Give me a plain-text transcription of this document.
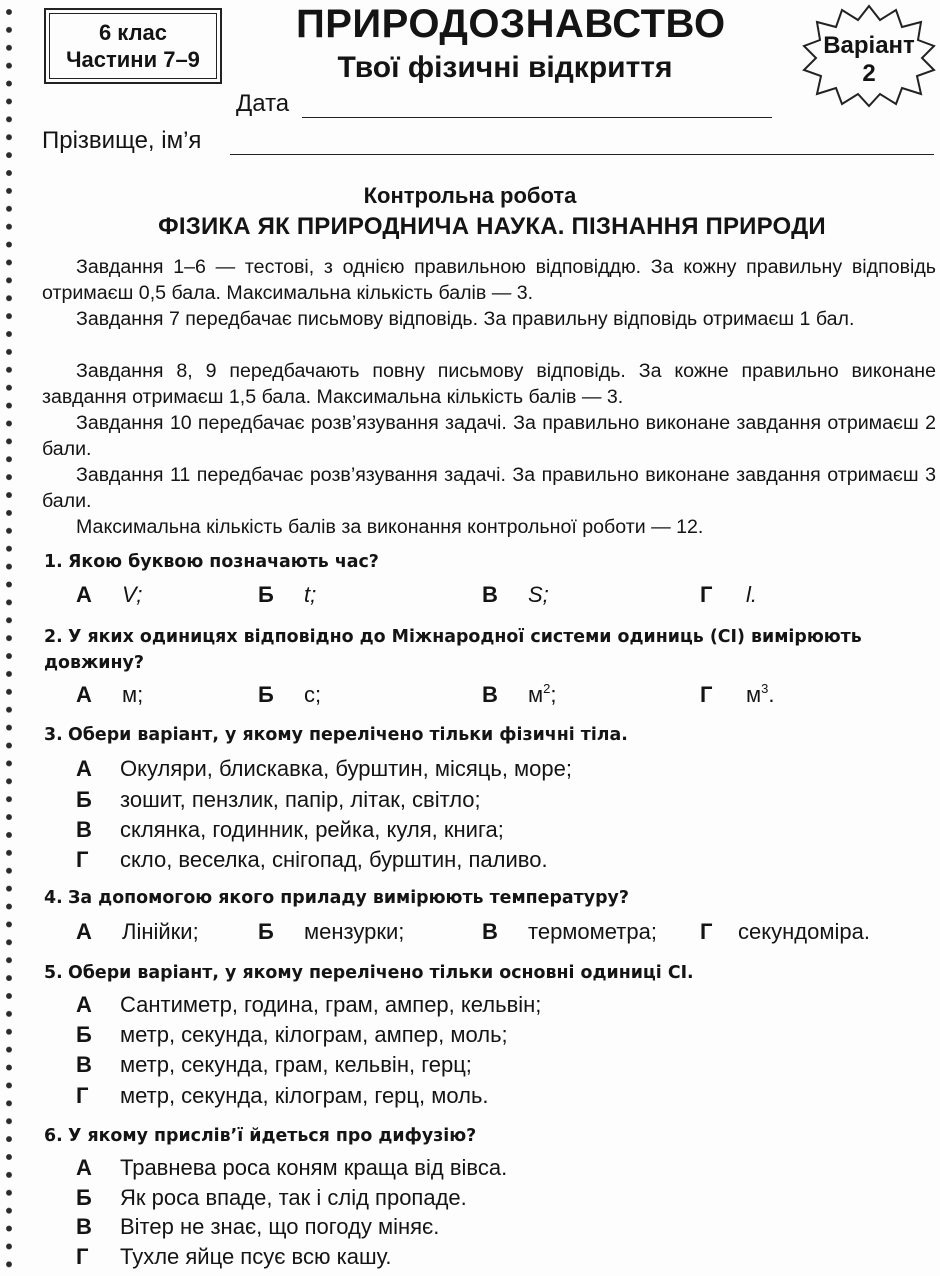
6 клас
Частини 7–9
ПРИРОДОЗНАВСТВО
Твої фізичні відкриття
Варіант
2
Дата
Прізвище, ім’я
Контрольна робота
ФІЗИКА ЯК ПРИРОДНИЧА НАУКА. ПІЗНАННЯ ПРИРОДИ

Завдання 1–6 — тестові, з однією правильною відповіддю. За кожну правильну відповідь отримаєш 0,5 бала. Максимальна кількість балів — 3.

Завдання 7 передбачає письмову відповідь. За правильну відповідь отримаєш 1 бал.

Завдання 8, 9 передбачають повну письмову відповідь. За кожне правильно виконане завдання отримаєш 1,5 бала. Максимальна кількість балів — 3.

Завдання 10 передбачає розв’язування задачі. За правильно виконане завдання отримаєш 2 бали.

Завдання 11 передбачає розв’язування задачі. За правильно виконане завдання отримаєш 3 бали.

Максимальна кількість балів за виконання контрольної роботи — 12.

1. Якою буквою позначають час?
А V;	Б t;	В S;	Г l.
2. У яких одиницях відповідно до Міжнародної системи одиниць (СІ) вимірюють довжину?
А м;	Б с;	В $м^2$;	Г $м^3$.
3. Обери варіант, у якому перелічено тільки фізичні тіла.
А Окуляри, блискавка, бурштин, місяць, море;
Б зошит, пензлик, папір, літак, світло;
В склянка, годинник, рейка, куля, книга;
Г скло, веселка, снігопад, бурштин, паливо.
4. За допомогою якого приладу вимірюють температуру?
А Лінійки;	Б мензурки;	В термометра; Г секундоміра.
5. Обери варіант, у якому перелічено тільки основні одиниці СІ.
А Сантиметр, година, грам, ампер, кельвін;
Б метр, секунда, кілограм, ампер, моль;
В метр, секунда, грам, кельвін, герц;
Г метр, секунда, кілограм, герц, моль.
6. У якому прислів’ї йдеться про дифузію?
А Травнева роса коням краща від вівса.
Б Як роса впаде, так і слід пропаде.
В Вітер не знає, що погоду міняє.
Г Тухле яйце псує всю кашу.
